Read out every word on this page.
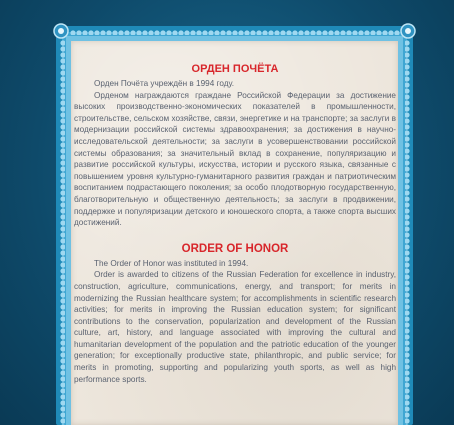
ОРДЕН ПОЧЁТА

Орден Почёта учреждён в 1994 году.

Орденом награждаются граждане Российской Федерации за достижение высоких производственно-экономических показателей в промышленности, строительстве, сельском хозяйстве, связи, энергетике и на транспорте; за заслуги в модернизации российской системы здравоохранения; за достижения в научно-исследовательской деятельности; за заслуги в усовершенствовании российской системы образования; за значительный вклад в сохранение, популяризацию и развитие российской культуры, искусства, истории и русского языка, связанные с повышением уровня культурно-гуманитарного развития граждан и патриотическим воспитанием подрастающего поколения; за особо плодотворную государственную, благотворительную и общественную деятельность; за заслуги в продвижении, поддержке и популяризации детского и юношеского спорта, а также спорта высших достижений.

ORDER OF HONOR

The Order of Honor was instituted in 1994.

Order is awarded to citizens of the Russian Federation for excellence in industry, construction, agriculture, communications, energy, and transport; for merits in modernizing the Russian healthcare system; for accomplishments in scientific research activities; for merits in improving the Russian education system; for significant contributions to the conservation, popularization and development of the Russian culture, art, history, and language associated with improving the cultural and humanitarian development of the population and the patriotic education of the younger generation; for exceptionally productive state, philanthropic, and public service; for merits in promoting, supporting and popularizing youth sports, as well as high performance sports.
